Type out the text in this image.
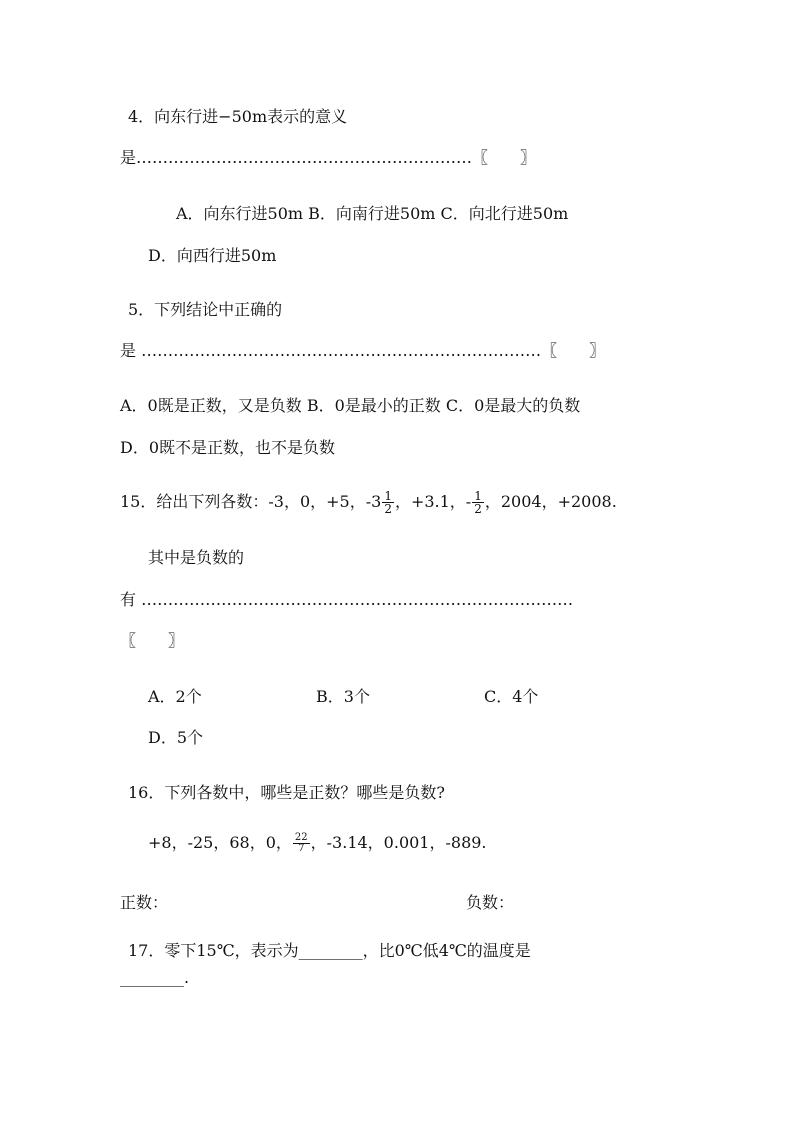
4．向东行进−50m表示的意义
是………………………………………………………〖　　〗
A．向东行进50m B．向南行进50m C．向北行进50m
D．向西行进50m
5．下列结论中正确的
是 …………………………………………………………………〖　　〗
A．0既是正数，又是负数 B．0是最小的正数 C．0是最大的负数
D．0既不是正数，也不是负数
15．给出下列各数：-3，0，+5，$-3 \frac{1}{2}$ ，+3.1，- $\frac{1}{2}$ ，2004，+2008.
其中是负数的
有 ………………………………………………………………………
〖　　〗
A．2个	B．3个	C．4个
D．5个
16．下列各数中，哪些是正数？哪些是负数?
+8，-25，68，0， $\frac{22}{7}$ ，-3.14，0.001，-889.
正数：	负数：
17．零下15℃，表示为________，比0℃低4℃的温度是
________.
